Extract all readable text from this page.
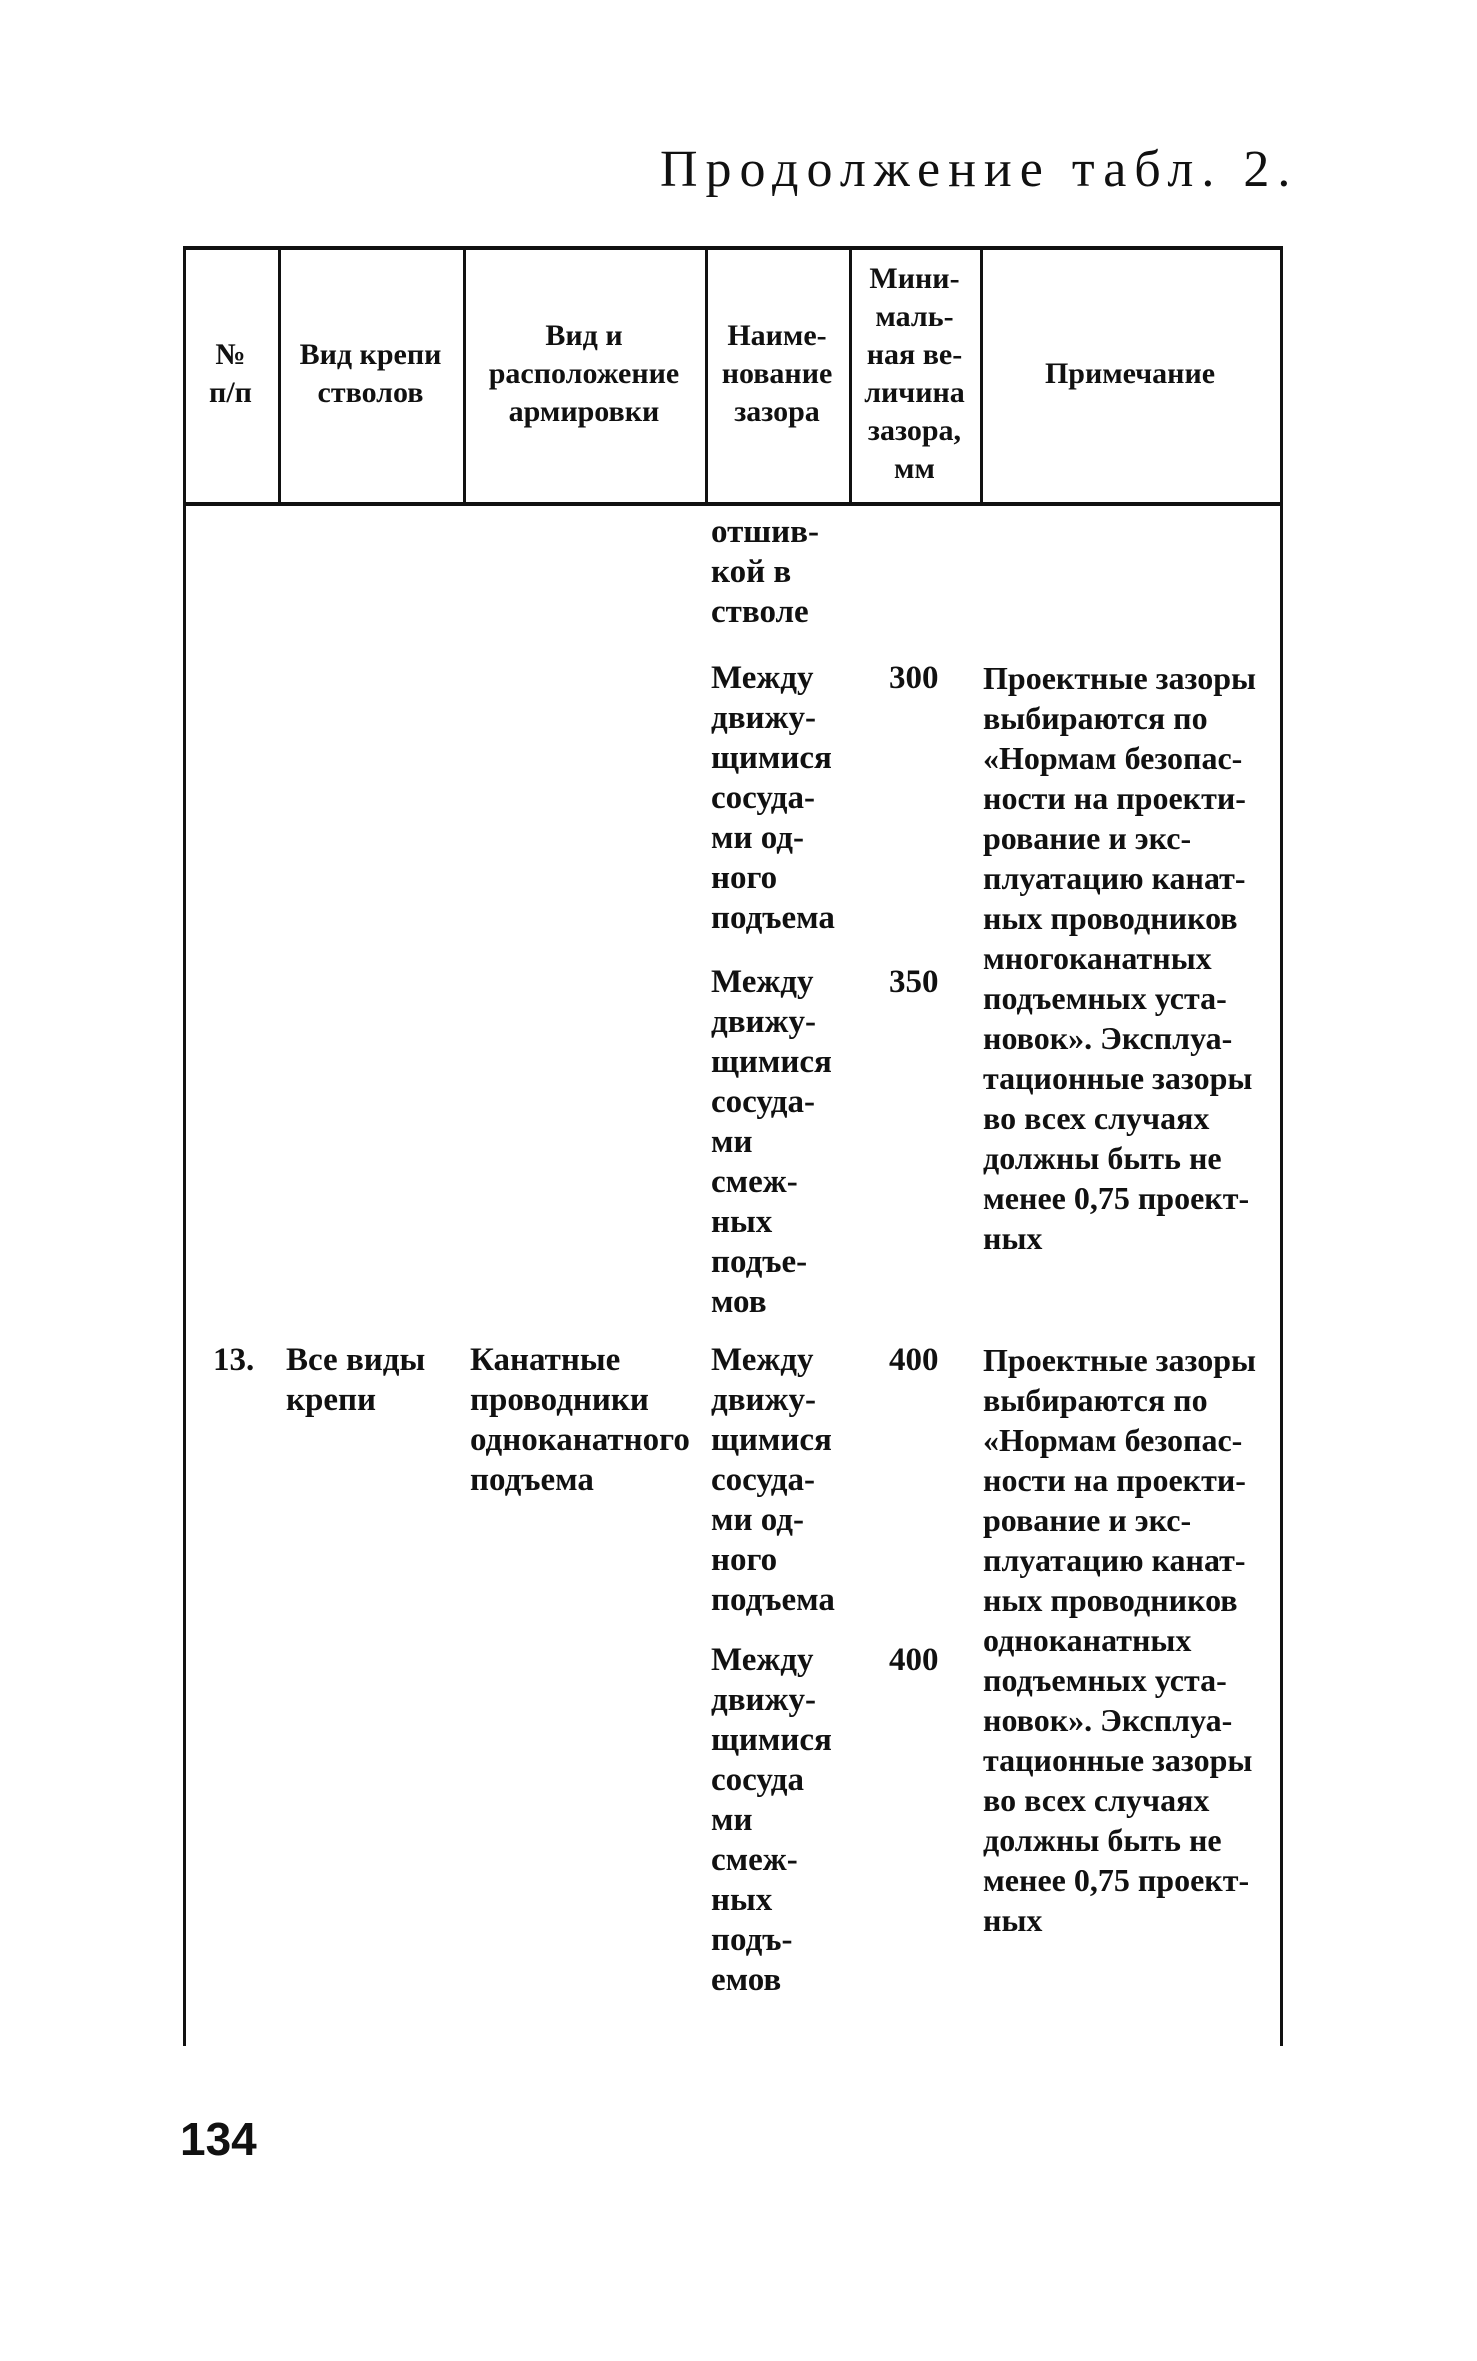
Продолжение табл. 2.
№
п/п
Вид крепи
стволов
Вид и
расположение
армировки
Наиме-
нование
зазора
Мини-
маль-
ная ве-
личина
зазора,
мм
Примечание
отшив-
кой в
стволе
Между
движу-
щимися
сосуда-
ми од-
ного
подъема
300	Проектные зазоры
выбираются по
«Нормам безопас-
ности на проекти-
рование и экс-
плуатацию канат-
ных проводников
многоканатных
подъемных уста-
новок». Эксплуа-
тационные зазоры
во всех случаях
должны быть не
менее 0,75 проект-
ных
Между
движу-
щимися
сосуда-
ми
смеж-
ных
подъе-
мов
350
13. Все виды
крепи
Канатные
проводники
одноканатного
подъема
Между
движу-
щимися
сосуда-
ми од-
ного
подъема
400	Проектные зазоры
выбираются по
«Нормам безопас-
ности на проекти-
рование и экс-
плуатацию канат-
ных проводников
одноканатных
подъемных уста-
новок». Эксплуа-
тационные зазоры
во всех случаях
должны быть не
менее 0,75 проект-
ных
Между
движу-
щимися
сосуда
ми
смеж-
ных
подъ-
емов
400
134
